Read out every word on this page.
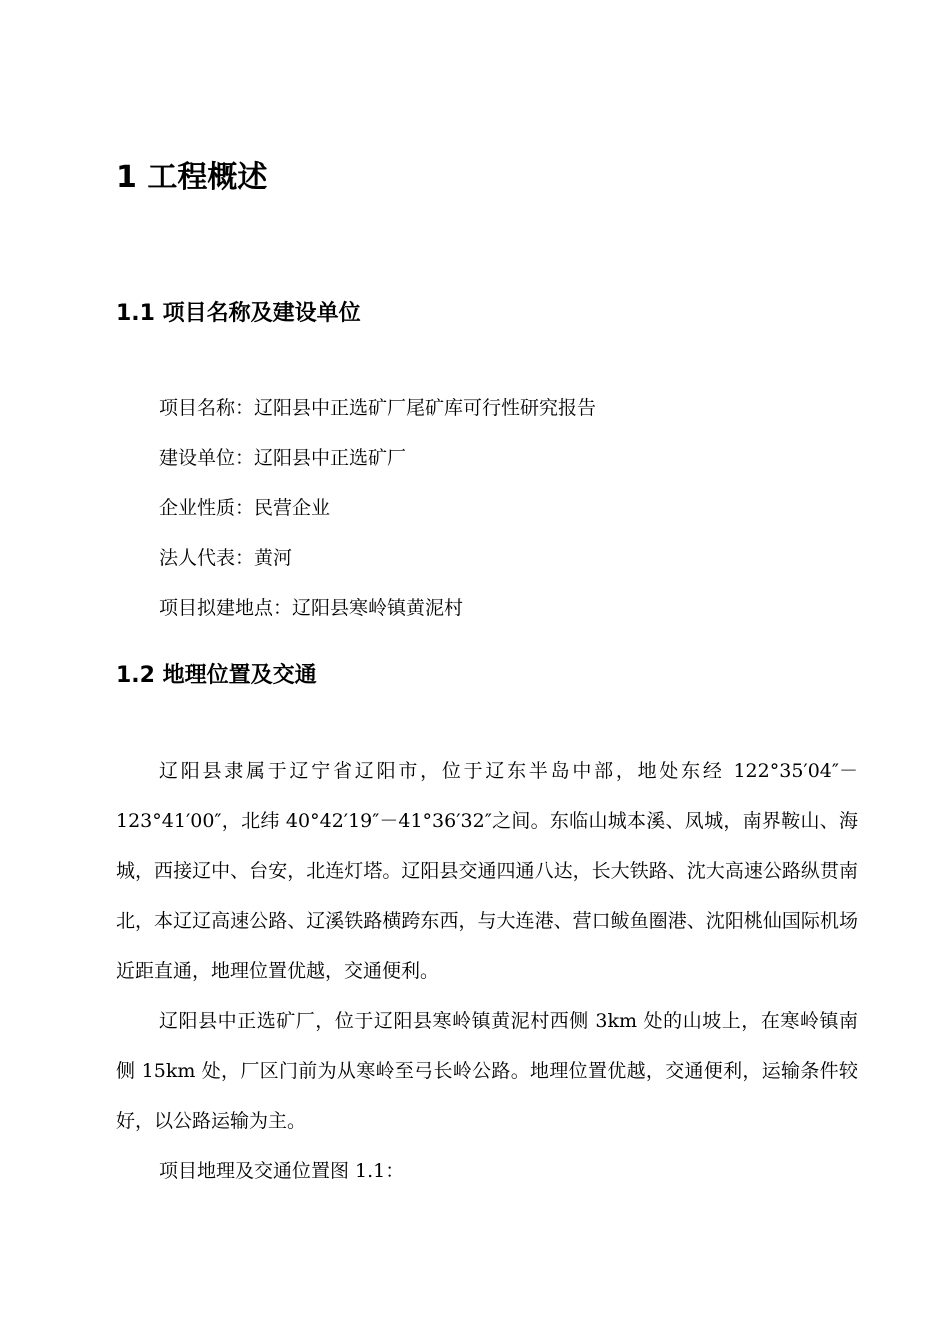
1 工程概述
1.1 项目名称及建设单位
项目名称：辽阳县中正选矿厂尾矿库可行性研究报告
建设单位：辽阳县中正选矿厂
企业性质：民营企业
法人代表：黄河
项目拟建地点：辽阳县寒岭镇黄泥村
1.2 地理位置及交通

辽阳县隶属于辽宁省辽阳市，位于辽东半岛中部，地处东经 122°35′04″－123°41′00″，北纬 40°42′19″－41°36′32″之间。东临山城本溪、凤城，南界鞍山、海城，西接辽中、台安，北连灯塔。辽阳县交通四通八达，长大铁路、沈大高速公路纵贯南北，本辽辽高速公路、辽溪铁路横跨东西，与大连港、营口鲅鱼圈港、沈阳桃仙国际机场近距直通，地理位置优越，交通便利。

辽阳县中正选矿厂，位于辽阳县寒岭镇黄泥村西侧 3km 处的山坡上，在寒岭镇南侧 15km 处，厂区门前为从寒岭至弓长岭公路。地理位置优越，交通便利，运输条件较好，以公路运输为主。

项目地理及交通位置图 1.1：
